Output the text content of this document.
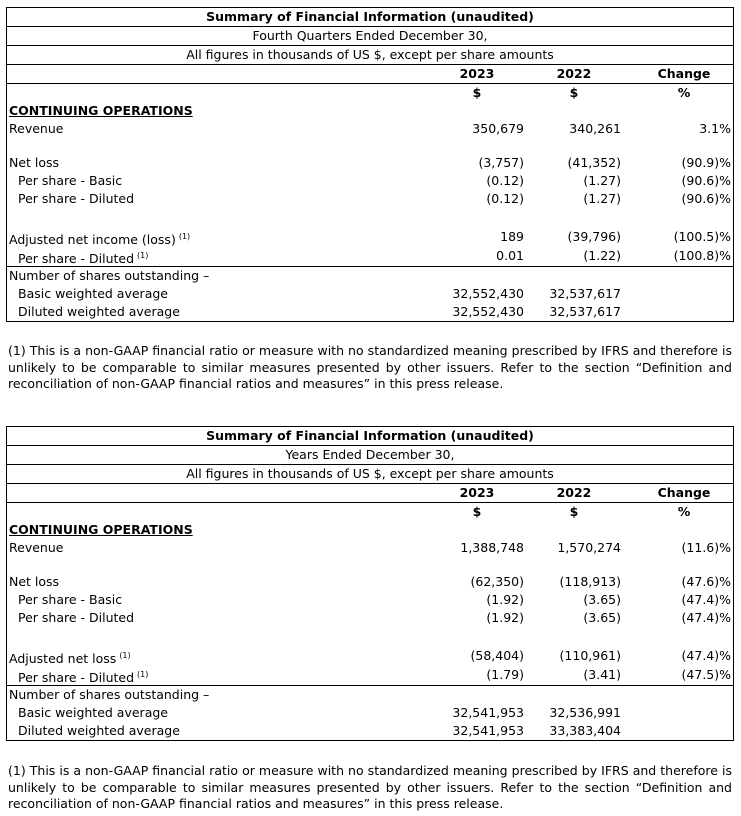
Summary of Financial Information (unaudited)
Fourth Quarters Ended December 30,
All figures in thousands of US $, except per share amounts
2023	2022	Change
$	$	%
CONTINUING OPERATIONS
Revenue	350,679	340,261	3.1%
Net loss	(3,757)	(41,352)	(90.9)%
Per share - Basic	(0.12)	(1.27)	(90.6)%
Per share - Diluted	(0.12)	(1.27)	(90.6)%
Adjusted net income (loss) $^{(1)}$	189	(39,796)	(100.5)%
Per share - Diluted $^{(1)}$	0.01	(1.22)	(100.8)%
Number of shares outstanding –
Basic weighted average	32,552,430	32,537,617
Diluted weighted average	32,552,430	32,537,617
(1) This is a non-GAAP financial ratio or measure with no standardized meaning prescribed by IFRS and therefore is unlikely to be comparable to similar measures presented by other issuers. Refer to the section “Definition and reconciliation of non-GAAP financial ratios and measures” in this press release.
Summary of Financial Information (unaudited)
Years Ended December 30,
All figures in thousands of US $, except per share amounts
2023	2022	Change
$	$	%
CONTINUING OPERATIONS
Revenue	1,388,748	1,570,274	(11.6)%
Net loss	(62,350)	(118,913)	(47.6)%
Per share - Basic	(1.92)	(3.65)	(47.4)%
Per share - Diluted	(1.92)	(3.65)	(47.4)%
Adjusted net loss $^{(1)}$	(58,404)	(110,961)	(47.4)%
Per share - Diluted $^{(1)}$	(1.79)	(3.41)	(47.5)%
Number of shares outstanding –
Basic weighted average	32,541,953	32,536,991
Diluted weighted average	32,541,953	33,383,404
(1) This is a non-GAAP financial ratio or measure with no standardized meaning prescribed by IFRS and therefore is unlikely to be comparable to similar measures presented by other issuers. Refer to the section “Definition and reconciliation of non-GAAP financial ratios and measures” in this press release.
